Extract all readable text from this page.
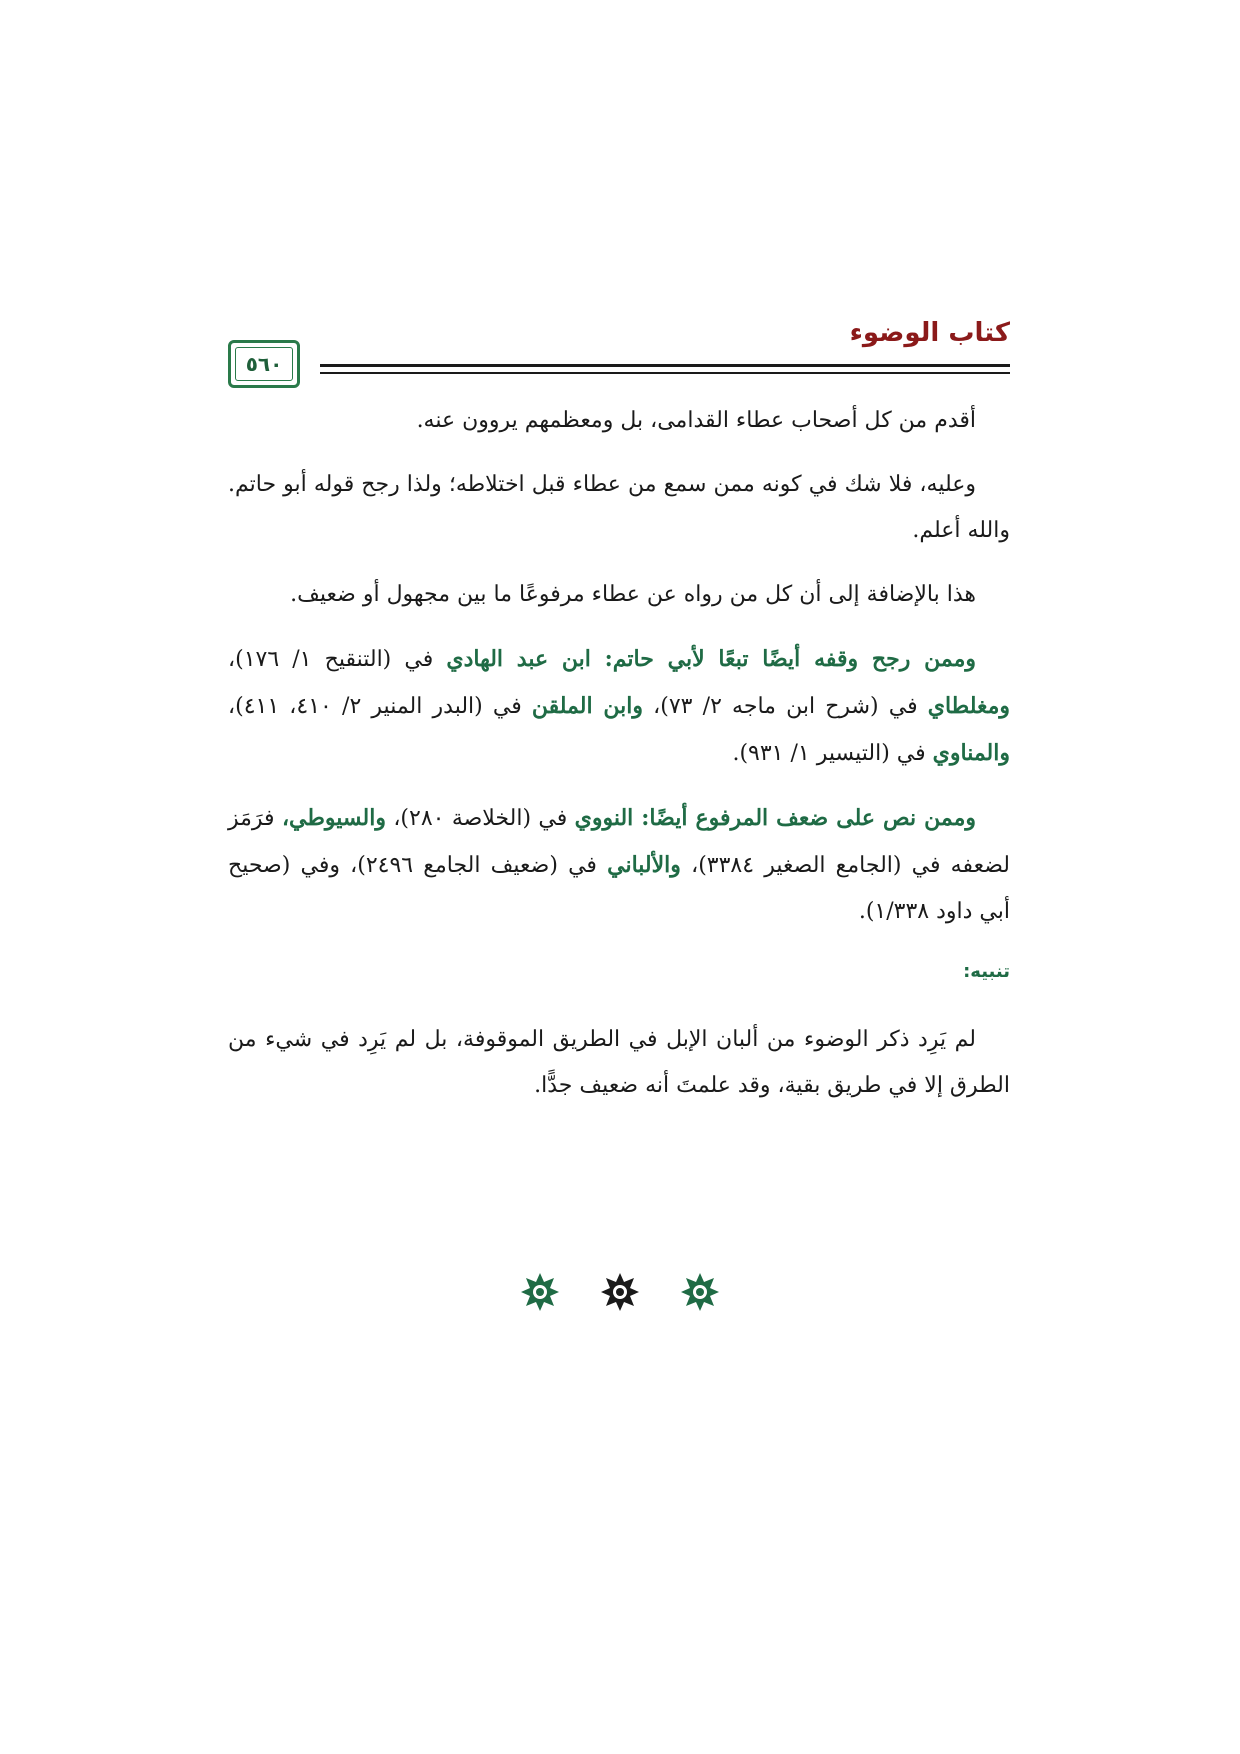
٥٦٠
كتاب الوضوء

أقدم من كل أصحاب عطاء القدامى، بل ومعظمهم يروون عنه.

وعليه، فلا شك في كونه ممن سمع من عطاء قبل اختلاطه؛ ولذا رجح قوله أبو حاتم. والله أعلم.

هذا بالإضافة إلى أن كل من رواه عن عطاء مرفوعًا ما بين مجهول أو ضعيف.

وممن رجح وقفه أيضًا تبعًا لأبي حاتم: ابن عبد الهادي في (التنقيح ١/ ١٧٦)، ومغلطاي في (شرح ابن ماجه ٢/ ٧٣)، وابن الملقن في (البدر المنير ٢/ ٤١٠، ٤١١)، والمناوي في (التيسير ١/ ٩٣١).

وممن نص على ضعف المرفوع أيضًا: النووي في (الخلاصة ٢٨٠)، والسيوطي، فرَمَز لضعفه في (الجامع الصغير ٣٣٨٤)، والألباني في (ضعيف الجامع ٢٤٩٦)، وفي (صحيح أبي داود ١/٣٣٨).

تنبيه:

لم يَرِد ذكر الوضوء من ألبان الإبل في الطريق الموقوفة، بل لم يَرِد في شيء من الطرق إلا في طريق بقية، وقد علمتَ أنه ضعيف جدًّا.
